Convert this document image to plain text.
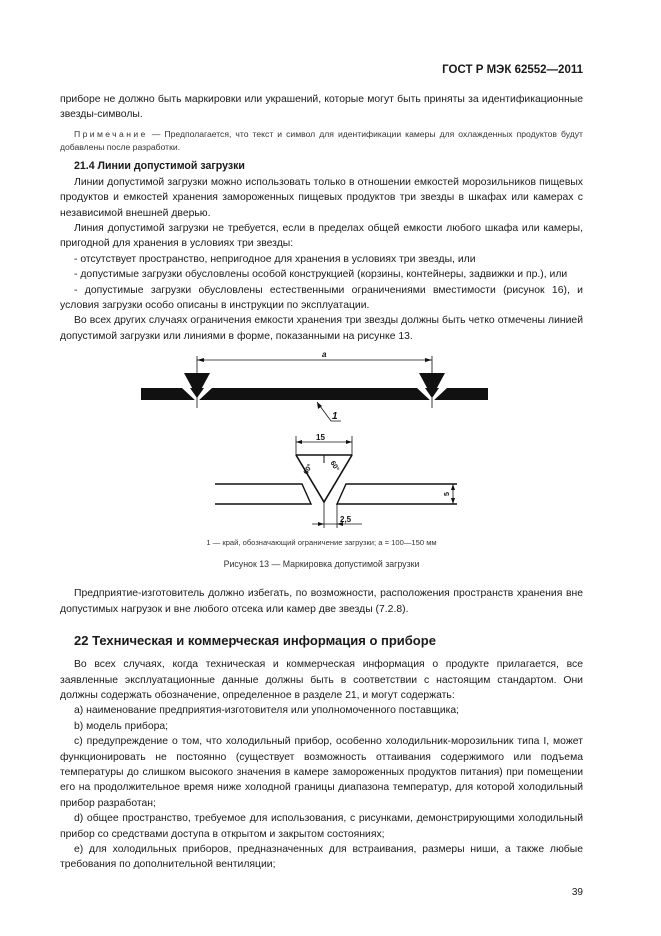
ГОСТ Р МЭК 62552—2011

приборе не должно быть маркировки или украшений, которые могут быть приняты за идентификационные звезды-символы.

Примечание — Предполагается, что текст и символ для идентификации камеры для охлажденных продуктов будут добавлены после разработки.

21.4 Линии допустимой загрузки

Линии допустимой загрузки можно использовать только в отношении емкостей морозильников пищевых продуктов и емкостей хранения замороженных пищевых продуктов три звезды в шкафах или камерах с независимой внешней дверью.

Линия допустимой загрузки не требуется, если в пределах общей емкости любого шкафа или камеры, пригодной для хранения в условиях три звезды:

- отсутствует пространство, непригодное для хранения в условиях три звезды, или

- допустимые загрузки обусловлены особой конструкцией (корзины, контейнеры, задвижки и пр.), или

- допустимые загрузки обусловлены естественными ограничениями вместимости (рисунок 16), и условия загрузки особо описаны в инструкции по эксплуатации.

Во всех других случаях ограничения емкости хранения три звезды должны быть четко отмечены линией допустимой загрузки или линиями в форме, показанными на рисунке 13.

a
1
15
60° 60°
2,5
5
1 — край, обозначающий ограничение загрузки; a = 100—150 мм
Рисунок 13 — Маркировка допустимой загрузки

Предприятие-изготовитель должно избегать, по возможности, расположения пространств хранения вне допустимых нагрузок и вне любого отсека или камер две звезды (7.2.8).

22 Техническая и коммерческая информация о приборе

Во всех случаях, когда техническая и коммерческая информация о продукте прилагается, все заявленные эксплуатационные данные должны быть в соответствии с настоящим стандартом. Они должны содержать обозначение, определенное в разделе 21, и могут содержать:

a) наименование предприятия-изготовителя или уполномоченного поставщика;

b) модель прибора;

c) предупреждение о том, что холодильный прибор, особенно холодильник-морозильник типа I, может функционировать не постоянно (существует возможность оттаивания содержимого или подъема температуры до слишком высокого значения в камере замороженных продуктов питания) при помещении его на продолжительное время ниже холодной границы диапазона температур, для которой холодильный прибор разработан;

d) общее пространство, требуемое для использования, с рисунками, демонстрирующими холодильный прибор со средствами доступа в открытом и закрытом состояниях;

e) для холодильных приборов, предназначенных для встраивания, размеры ниши, а также любые требования по дополнительной вентиляции;

39
